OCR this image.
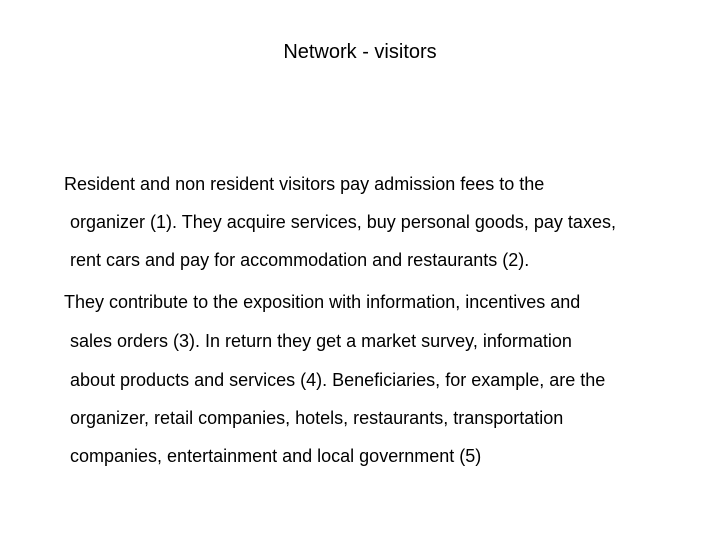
Network - visitors
Resident and non resident visitors pay admission fees to the
organizer (1). They acquire services, buy personal goods, pay taxes,
rent cars and pay for accommodation and restaurants (2).
They contribute to the exposition with information, incentives and
sales orders (3). In return they get a market survey, information
about products and services (4). Beneficiaries, for example, are the
organizer, retail companies, hotels, restaurants, transportation
companies, entertainment and local government (5)
